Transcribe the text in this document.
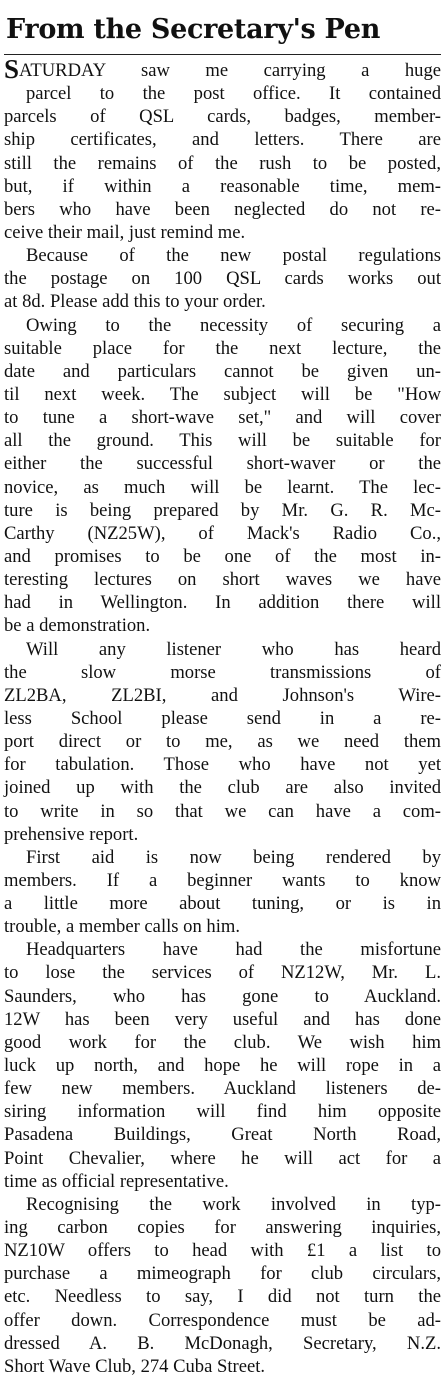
From the Secretary's Pen

SATURDAY saw me carrying a huge
parcel to the post office. It contained
parcels of QSL cards, badges, member-
ship certificates, and letters. There are
still the remains of the rush to be posted,
but, if within a reasonable time, mem-
bers who have been neglected do not re-
ceive their mail, just remind me.

Because of the new postal regulations
the postage on 100 QSL cards works out
at 8d. Please add this to your order.

Owing to the necessity of securing a
suitable place for the next lecture, the
date and particulars cannot be given un-
til next week. The subject will be "How
to tune a short-wave set," and will cover
all the ground. This will be suitable for
either the successful short-waver or the
novice, as much will be learnt. The lec-
ture is being prepared by Mr. G. R. Mc-
Carthy (NZ25W), of Mack's Radio Co.,
and promises to be one of the most in-
teresting lectures on short waves we have
had in Wellington. In addition there will
be a demonstration.

Will any listener who has heard
the slow morse transmissions of
ZL2BA, ZL2BI, and Johnson's Wire-
less School please send in a re-
port direct or to me, as we need them
for tabulation. Those who have not yet
joined up with the club are also invited
to write in so that we can have a com-
prehensive report.

First aid is now being rendered by
members. If a beginner wants to know
a little more about tuning, or is in
trouble, a member calls on him.

Headquarters have had the misfortune
to lose the services of NZ12W, Mr. L.
Saunders, who has gone to Auckland.
12W has been very useful and has done
good work for the club. We wish him
luck up north, and hope he will rope in a
few new members. Auckland listeners de-
siring information will find him opposite
Pasadena Buildings, Great North Road,
Point Chevalier, where he will act for a
time as official representative.

Recognising the work involved in typ-
ing carbon copies for answering inquiries,
NZ10W offers to head with £1 a list to
purchase a mimeograph for club circulars,
etc. Needless to say, I did not turn the
offer down. Correspondence must be ad-
dressed A. B. McDonagh, Secretary, N.Z.
Short Wave Club, 274 Cuba Street.
